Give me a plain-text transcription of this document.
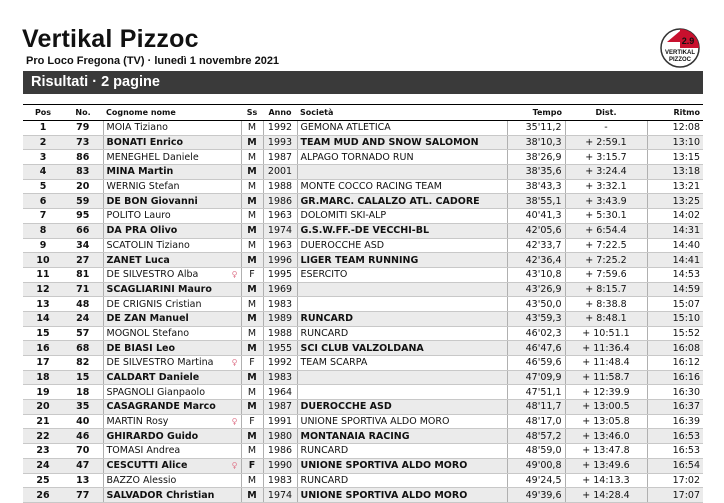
Vertikal Pizzoc
Pro Loco Fregona (TV) · lunedì 1 novembre 2021
2.9
VERTIKAL
PIZZOC
Risultati · 2 pagine
Pos	No.	Cognome nome	Ss	Anno	Società	Tempo	Dist.	Ritmo
1	79	MOIA Tiziano	M	1992	GEMONA ATLETICA	35'11,2	-	12:08
2	73	BONATI Enrico	M	1993	TEAM MUD AND SNOW SALOMON	38'10,3	+ 2:59.1	13:10
3	86	MENEGHEL Daniele	M	1987	ALPAGO TORNADO RUN	38'26,9	+ 3:15.7	13:15
4	83	MINA Martin	M	2001		38'35,6	+ 3:24.4	13:18
5	20	WERNIG Stefan	M	1988	MONTE COCCO RACING TEAM	38'43,3	+ 3:32.1	13:21
6	59	DE BON Giovanni	M	1986	GR.MARC. CALALZO ATL. CADORE	38'55,1	+ 3:43.9	13:25
7	95	POLITO Lauro	M	1963	DOLOMITI SKI-ALP	40'41,3	+ 5:30.1	14:02
8	66	DA PRA Olivo	M	1974	G.S.W.FF.-DE VECCHI-BL	42'05,6	+ 6:54.4	14:31
9	34	SCATOLIN Tiziano	M	1963	DUEROCCHE ASD	42'33,7	+ 7:22.5	14:40
10	27	ZANET Luca	M	1996	LIGER TEAM RUNNING	42'36,4	+ 7:25.2	14:41
11	81	DE SILVESTRO Alba ♀	F	1995	ESERCITO	43'10,8	+ 7:59.6	14:53
12	71	SCAGLIARINI Mauro	M	1969		43'26,9	+ 8:15.7	14:59
13	48	DE CRIGNIS Cristian	M	1983		43'50,0	+ 8:38.8	15:07
14	24	DE ZAN Manuel	M	1989	RUNCARD	43'59,3	+ 8:48.1	15:10
15	57	MOGNOL Stefano	M	1988	RUNCARD	46'02,3	+ 10:51.1	15:52
16	68	DE BIASI Leo	M	1955	SCI CLUB VALZOLDANA	46'47,6	+ 11:36.4	16:08
17	82	DE SILVESTRO Martina ♀	F	1992	TEAM SCARPA	46'59,6	+ 11:48.4	16:12
18	15	CALDART Daniele	M	1983		47'09,9	+ 11:58.7	16:16
19	18	SPAGNOLI Gianpaolo	M	1964		47'51,1	+ 12:39.9	16:30
20	35	CASAGRANDE Marco	M	1987	DUEROCCHE ASD	48'11,7	+ 13:00.5	16:37
21	40	MARTIN Rosy ♀	F	1991	UNIONE SPORTIVA ALDO MORO	48'17,0	+ 13:05.8	16:39
22	46	GHIRARDO Guido	M	1980	MONTANAIA RACING	48'57,2	+ 13:46.0	16:53
23	70	TOMASI Andrea	M	1986	RUNCARD	48'59,0	+ 13:47.8	16:53
24	47	CESCUTTI Alice ♀	F	1990	UNIONE SPORTIVA ALDO MORO	49'00,8	+ 13:49.6	16:54
25	13	BAZZO Alessio	M	1983	RUNCARD	49'24,5	+ 14:13.3	17:02
26	77	SALVADOR Christian	M	1974	UNIONE SPORTIVA ALDO MORO	49'39,6	+ 14:28.4	17:07
